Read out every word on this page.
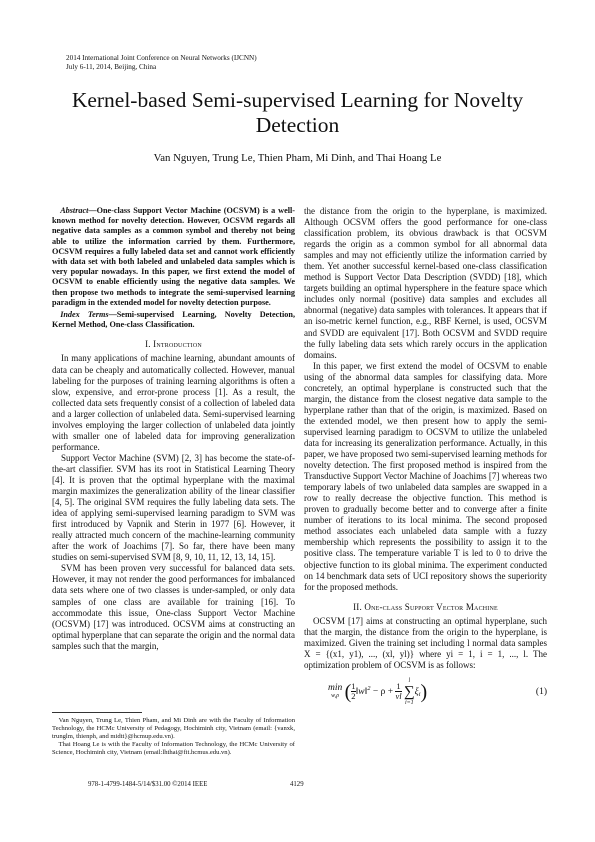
2014 International Joint Conference on Neural Networks (IJCNN)
July 6-11, 2014, Beijing, China
Kernel-based Semi-supervised Learning for Novelty Detection
Van Nguyen, Trung Le, Thien Pham, Mi Dinh, and Thai Hoang Le

Abstract—One-class Support Vector Machine (OCSVM) is a well-known method for novelty detection. However, OCSVM regards all negative data samples as a common symbol and thereby not being able to utilize the information carried by them. Furthermore, OCSVM requires a fully labeled data set and cannot work efficiently with data set with both labeled and unlabeled data samples which is very popular nowadays. In this paper, we first extend the model of OCSVM to enable efficiently using the negative data samples. We then propose two methods to integrate the semi-supervised learning paradigm in the extended model for novelty detection purpose.

Index Terms—Semi-supervised Learning, Novelty Detection, Kernel Method, One-class Classification.

I. Introduction

In many applications of machine learning, abundant amounts of data can be cheaply and automatically collected. However, manual labeling for the purposes of training learning algorithms is often a slow, expensive, and error-prone process [1]. As a result, the collected data sets frequently consist of a collection of labeled data and a larger collection of unlabeled data. Semi-supervised learning involves employing the larger collection of unlabeled data jointly with smaller one of labeled data for improving generalization performance.

Support Vector Machine (SVM) [2, 3] has become the state-of-the-art classifier. SVM has its root in Statistical Learning Theory [4]. It is proven that the optimal hyperplane with the maximal margin maximizes the generalization ability of the linear classifier [4, 5]. The original SVM requires the fully labeling data sets. The idea of applying semi-supervised learning paradigm to SVM was first introduced by Vapnik and Sterin in 1977 [6]. However, it really attracted much concern of the machine-learning community after the work of Joachims [7]. So far, there have been many studies on semi-supervised SVM [8, 9, 10, 11, 12, 13, 14, 15].

SVM has been proven very successful for balanced data sets. However, it may not render the good performances for imbalanced data sets where one of two classes is under-sampled, or only data samples of one class are available for training [16]. To accommodate this issue, One-class Support Vector Machine (OCSVM) [17] was introduced. OCSVM aims at constructing an optimal hyperplane that can separate the origin and the normal data samples such that the margin,

Van Nguyen, Trung Le, Thien Pham, and Mi Dinh are with the Faculty of Information Technology, the HCMc University of Pedagogy, Hochiminh city, Vietnam (email: {vanxk, trunglm, thienph, and midtt}@hcmup.edu.vn).

Thai Hoang Le is with the Faculty of Information Technology, the HCMc University of Science, Hochiminh city, Vietnam (email:lhthai@fit.hcmus.edu.vn).

the distance from the origin to the hyperplane, is maximized. Although OCSVM offers the good performance for one-class classification problem, its obvious drawback is that OCSVM regards the origin as a common symbol for all abnormal data samples and may not efficiently utilize the information carried by them. Yet another successful kernel-based one-class classification method is Support Vector Data Description (SVDD) [18], which targets building an optimal hypersphere in the feature space which includes only normal (positive) data samples and excludes all abnormal (negative) data samples with tolerances. It appears that if an iso-metric kernel function, e.g., RBF Kernel, is used, OCSVM and SVDD are equivalent [17]. Both OCSVM and SVDD require the fully labeling data sets which rarely occurs in the application domains.

In this paper, we first extend the model of OCSVM to enable using of the abnormal data samples for classifying data. More concretely, an optimal hyperplane is constructed such that the margin, the distance from the closest negative data sample to the hyperplane rather than that of the origin, is maximized. Based on the extended model, we then present how to apply the semi-supervised learning paradigm to OCSVM to utilize the unlabeled data for increasing its generalization performance. Actually, in this paper, we have proposed two semi-supervised learning methods for novelty detection. The first proposed method is inspired from the Transductive Support Vector Machine of Joachims [7] whereas two temporary labels of two unlabeled data samples are swapped in a row to really decrease the objective function. This method is proven to gradually become better and to converge after a finite number of iterations to its local minima. The second proposed method associates each unlabeled data sample with a fuzzy membership which represents the possibility to assign it to the positive class. The temperature variable T is led to 0 to drive the objective function to its global minima. The experiment conducted on 14 benchmark data sets of UCI repository shows the superiority for the proposed methods.

II. One-class Support Vector Machine

OCSVM [17] aims at constructing an optimal hyperplane, such that the margin, the distance from the origin to the hyperplane, is maximized. Given the training set including l normal data samples X = {(x1, y1), ..., (xl, yl)} where yi = 1, i = 1, ..., l. The optimization problem of OCSVM is as follows:

min
w,ρ ( $\frac{1}{2}$ ‖w‖$^2$ − $\rho + \frac{1}{\nu l}$

l
∑
i=1
$\xi_i$)	(1)
978-1-4799-1484-5/14/$31.00 ©2014 IEEE	4129
